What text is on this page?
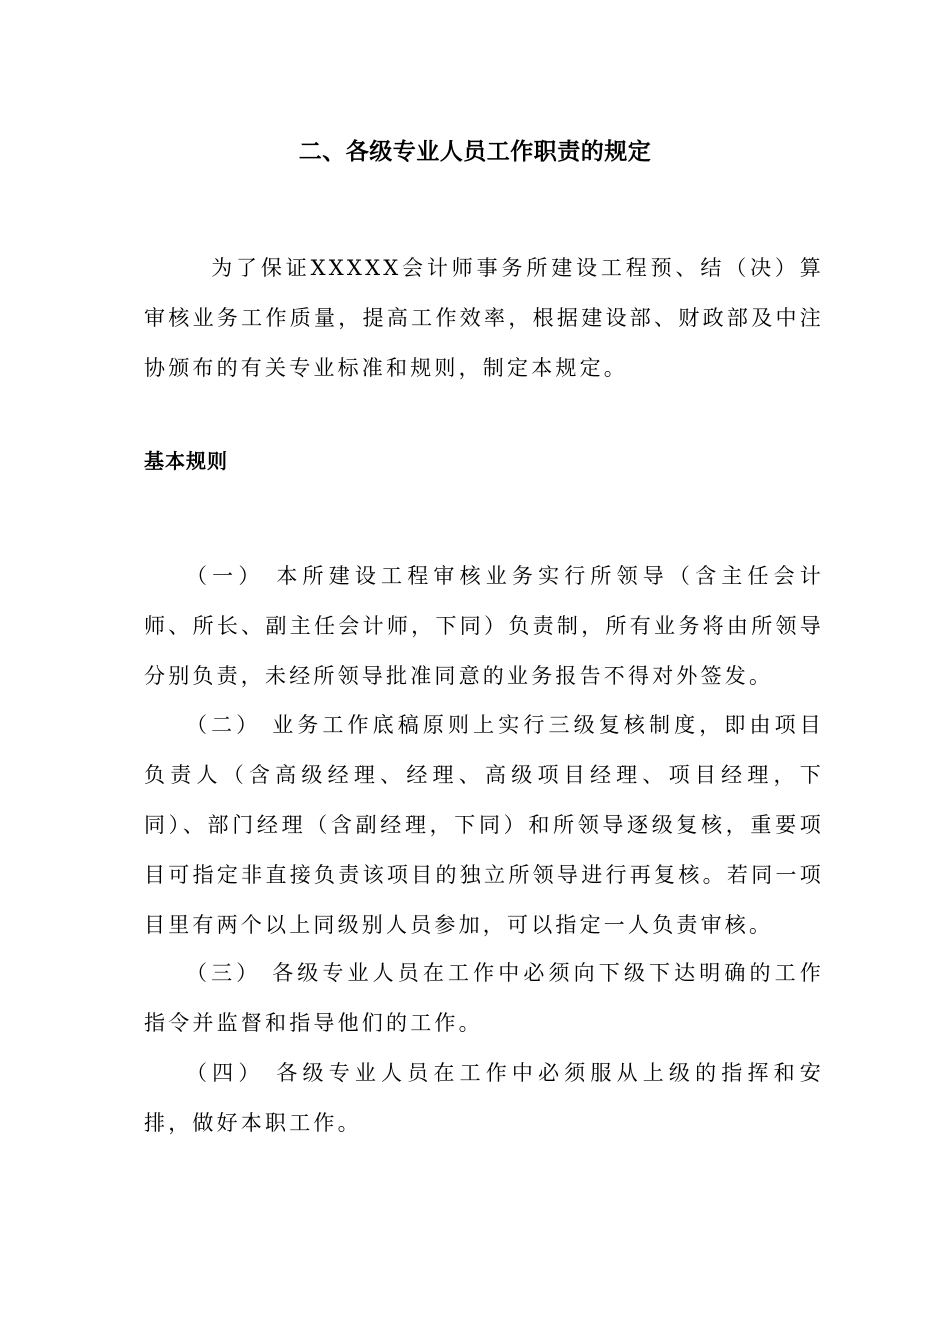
二、各级专业人员工作职责的规定

为了保证XXXXX会计师事务所建设工程预、结（决）算审核业务工作质量，提高工作效率，根据建设部、财政部及中注协颁布的有关专业标准和规则，制定本规定。

基本规则

（一） 本所建设工程审核业务实行所领导（含主任会计师、所长、副主任会计师，下同）负责制，所有业务将由所领导分别负责，未经所领导批准同意的业务报告不得对外签发。

（二） 业务工作底稿原则上实行三级复核制度，即由项目负责人（含高级经理、经理、高级项目经理、项目经理，下同）、部门经理（含副经理，下同）和所领导逐级复核，重要项目可指定非直接负责该项目的独立所领导进行再复核。若同一项目里有两个以上同级别人员参加，可以指定一人负责审核。

（三） 各级专业人员在工作中必须向下级下达明确的工作指令并监督和指导他们的工作。

（四） 各级专业人员在工作中必须服从上级的指挥和安排，做好本职工作。
